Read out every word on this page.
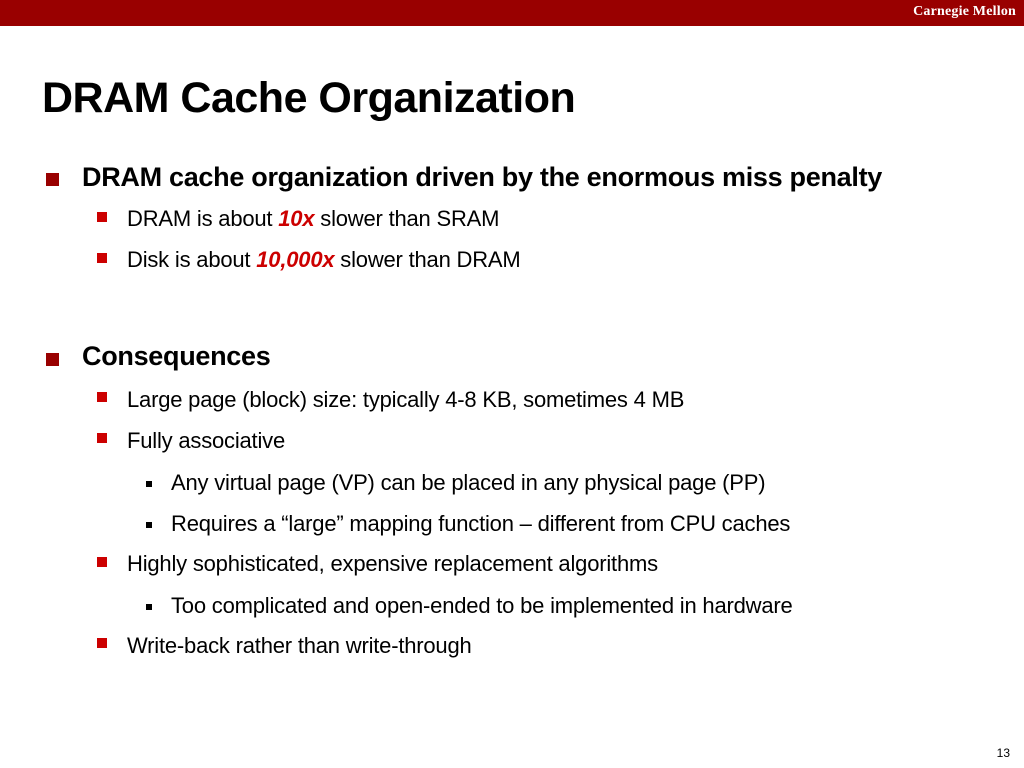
Carnegie Mellon
DRAM Cache Organization
DRAM cache organization driven by the enormous miss penalty
DRAM is about 10x slower than SRAM
Disk is about 10,000x slower than DRAM
Consequences
Large page (block) size: typically 4-8 KB, sometimes 4 MB
Fully associative
Any virtual page (VP) can be placed in any physical page (PP)
Requires a “large” mapping function – different from CPU caches
Highly sophisticated, expensive replacement algorithms
Too complicated and open-ended to be implemented in hardware
Write-back rather than write-through
13
